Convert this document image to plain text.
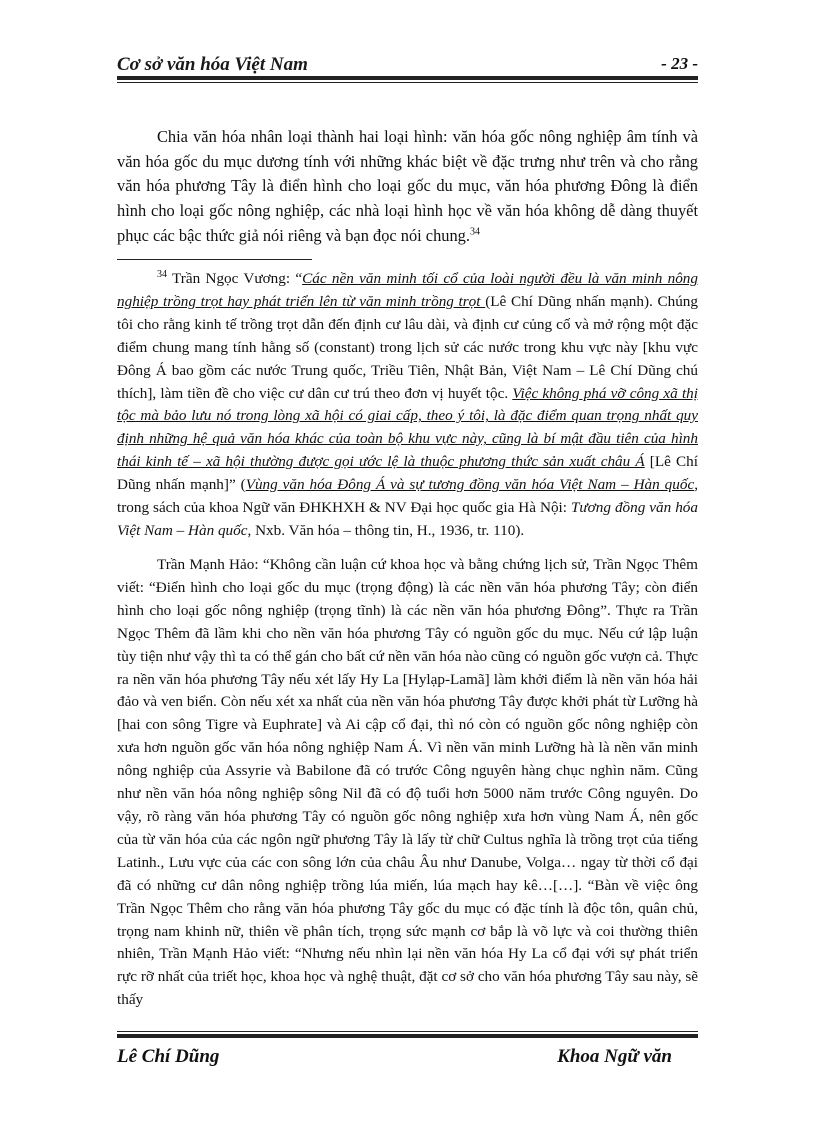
Cơ sở văn hóa Việt Nam	- 23 -

Chia văn hóa nhân loại thành hai loại hình: văn hóa gốc nông nghiệp âm tính và văn hóa gốc du mục dương tính với những khác biệt về đặc trưng như trên và cho rằng văn hóa phương Tây là điển hình cho loại gốc du mục, văn hóa phương Đông là điển hình cho loại gốc nông nghiệp, các nhà loại hình học về văn hóa không dễ dàng thuyết phục các bậc thức giả nói riêng và bạn đọc nói chung.$^{34}$

$^{34}$ Trần Ngọc Vương: “Các nền văn minh tối cổ của loài người đều là văn minh nông nghiệp trồng trọt hay phát triển lên từ văn minh trồng trọt (Lê Chí Dũng nhấn mạnh). Chúng tôi cho rằng kinh tế trồng trọt dẫn đến định cư lâu dài, và định cư củng cố và mở rộng một đặc điểm chung mang tính hằng số (constant) trong lịch sử các nước trong khu vực này [khu vực Đông Á bao gồm các nước Trung quốc, Triều Tiên, Nhật Bản, Việt Nam – Lê Chí Dũng chú thích], làm tiền đề cho việc cư dân cư trú theo đơn vị huyết tộc. Việc không phá vỡ công xã thị tộc mà bảo lưu nó trong lòng xã hội có giai cấp, theo ý tôi, là đặc điểm quan trọng nhất quy định những hệ quả văn hóa khác của toàn bộ khu vực này, cũng là bí mật đầu tiên của hình thái kinh tế – xã hội thường được gọi ước lệ là thuộc phương thức sản xuất châu Á [Lê Chí Dũng nhấn mạnh]” (Vùng văn hóa Đông Á và sự tương đồng văn hóa Việt Nam – Hàn quốc, trong sách của khoa Ngữ văn ĐHKHXH & NV Đại học quốc gia Hà Nội: Tương đồng văn hóa Việt Nam – Hàn quốc, Nxb. Văn hóa – thông tin, H., 1936, tr. 110).

Trần Mạnh Hảo: “Không cần luận cứ khoa học và bằng chứng lịch sử, Trần Ngọc Thêm viết: “Điển hình cho loại gốc du mục (trọng động) là các nền văn hóa phương Tây; còn điển hình cho loại gốc nông nghiệp (trọng tĩnh) là các nền văn hóa phương Đông”. Thực ra Trần Ngọc Thêm đã lầm khi cho nền văn hóa phương Tây có nguồn gốc du mục. Nếu cứ lập luận tùy tiện như vậy thì ta có thể gán cho bất cứ nền văn hóa nào cũng có nguồn gốc vượn cả. Thực ra nền văn hóa phương Tây nếu xét lấy Hy La [Hylạp-Lamã] làm khởi điểm là nền văn hóa hải đảo và ven biển. Còn nếu xét xa nhất của nền văn hóa phương Tây được khởi phát từ Lưỡng hà [hai con sông Tigre và Euphrate] và Ai cập cổ đại, thì nó còn có nguồn gốc nông nghiệp còn xưa hơn nguồn gốc văn hóa nông nghiệp Nam Á. Vì nền văn minh Lưỡng hà là nền văn minh nông nghiệp của Assyrie và Babilone đã có trước Công nguyên hàng chục nghìn năm. Cũng như nền văn hóa nông nghiệp sông Nil đã có độ tuổi hơn 5000 năm trước Công nguyên. Do vậy, rõ ràng văn hóa phương Tây có nguồn gốc nông nghiệp xưa hơn vùng Nam Á, nên gốc của từ văn hóa của các ngôn ngữ phương Tây là lấy từ chữ Cultus nghĩa là trồng trọt của tiếng Latinh., Lưu vực của các con sông lớn của châu Âu như Danube, Volga… ngay từ thời cổ đại đã có những cư dân nông nghiệp trồng lúa miến, lúa mạch hay kê…[…]. “Bàn về việc ông Trần Ngọc Thêm cho rằng văn hóa phương Tây gốc du mục có đặc tính là độc tôn, quân chủ, trọng nam khinh nữ, thiên về phân tích, trọng sức mạnh cơ bắp là võ lực và coi thường thiên nhiên, Trần Mạnh Hảo viết: “Nhưng nếu nhìn lại nền văn hóa Hy La cổ đại với sự phát triển rực rỡ nhất của triết học, khoa học và nghệ thuật, đặt cơ sở cho văn hóa phương Tây sau này, sẽ thấy

Lê Chí Dũng	Khoa Ngữ văn
